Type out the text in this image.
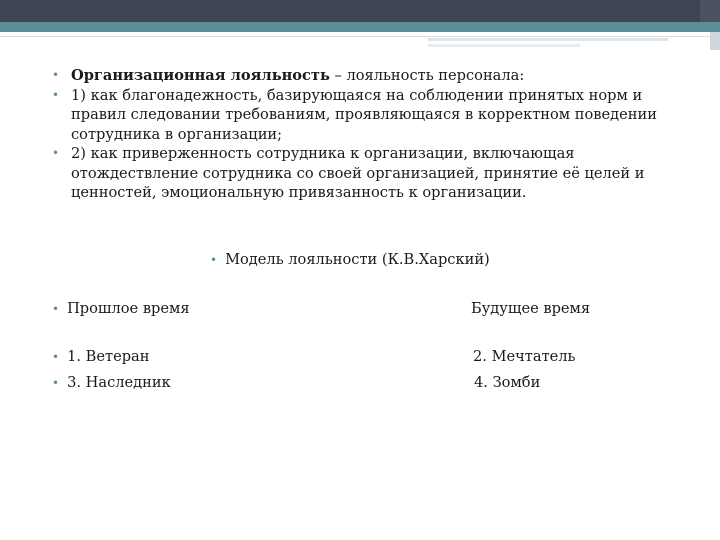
• Организационная лояльность – лояльность персонала:
• 1) как благонадежность, базирующаяся на соблюдении принятых норм и правил следовании требованиям, проявляющаяся в корректном поведении сотрудника в организации;
• 2) как приверженность сотрудника к организации, включающая отождествление сотрудника со своей организацией, принятие её целей и ценностей, эмоциональную привязанность к организации.
• Модель лояльности (К.В.Харский)
• Прошлое время	Будущее время
• 1. Ветеран	2. Мечтатель
• 3. Наследник	4. Зомби
